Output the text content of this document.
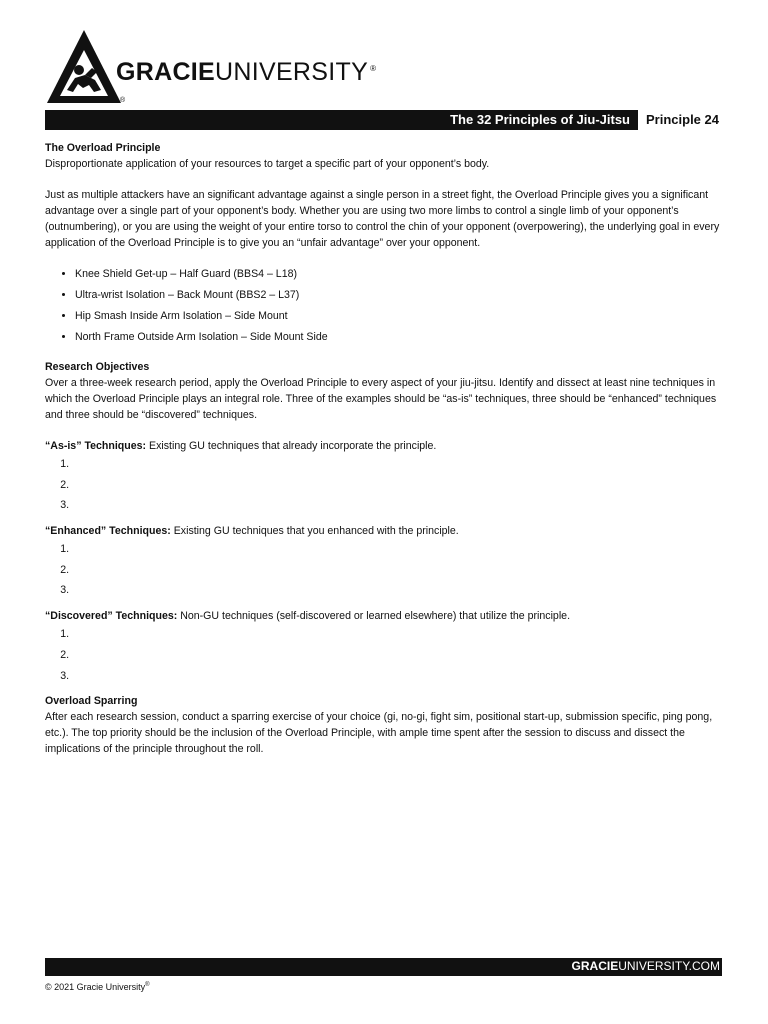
GRACIEUNIVERSITY ®
®
The 32 Principles of Jiu-Jitsu Principle 24

The Overload Principle

Disproportionate application of your resources to target a specific part of your opponent’s body.

Just as multiple attackers have an significant advantage against a single person in a street fight, the Overload Principle gives you a significant advantage over a single part of your opponent’s body. Whether you are using two more limbs to control a single limb of your opponent’s (outnumbering), or you are using the weight of your entire torso to control the chin of your opponent (overpowering), the underlying goal in every application of the Overload Principle is to give you an “unfair advantage” over your opponent.

• Knee Shield Get-up – Half Guard (BBS4 – L18)
• Ultra-wrist Isolation – Back Mount (BBS2 – L37)
• Hip Smash Inside Arm Isolation – Side Mount
• North Frame Outside Arm Isolation – Side Mount Side

Research Objectives

Over a three-week research period, apply the Overload Principle to every aspect of your jiu-jitsu. Identify and dissect at least nine techniques in which the Overload Principle plays an integral role. Three of the examples should be “as-is” techniques, three should be “enhanced” techniques and three should be “discovered” techniques.

“As-is” Techniques: Existing GU techniques that already incorporate the principle.

1.
2.
3.

“Enhanced” Techniques: Existing GU techniques that you enhanced with the principle.

1.
2.
3.

“Discovered” Techniques: Non-GU techniques (self-discovered or learned elsewhere) that utilize the principle.

1.
2.
3.

Overload Sparring

After each research session, conduct a sparring exercise of your choice (gi, no-gi, fight sim, positional start-up, submission specific, ping pong, etc.). The top priority should be the inclusion of the Overload Principle, with ample time spent after the session to discuss and dissect the implications of the principle throughout the roll.

GRACIEUNIVERSITY.COM
© 2021 Gracie University®
